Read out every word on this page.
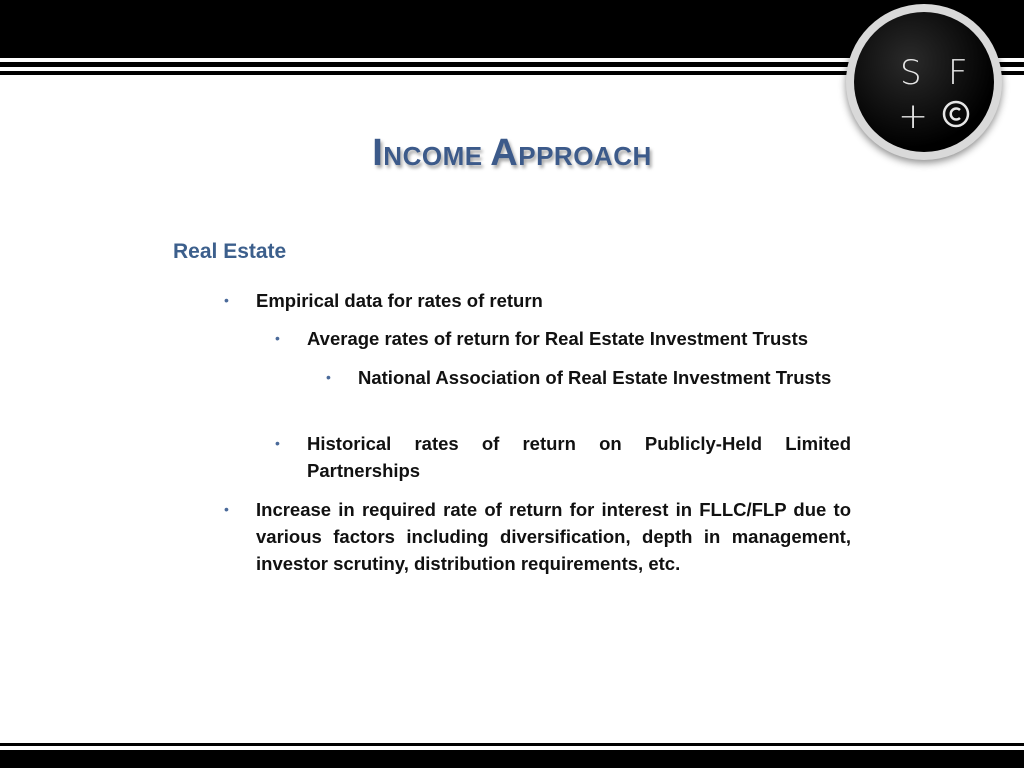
S F
+
INCOME APPROACH
Real Estate
• Empirical data for rates of return
• Average rates of return for Real Estate Investment Trusts
• National Association of Real Estate Investment Trusts
• Historical rates of return on Publicly-Held Limited Partnerships
• Increase in required rate of return for interest in FLLC/FLP due to various factors including diversification, depth in management, investor scrutiny, distribution requirements, etc.
